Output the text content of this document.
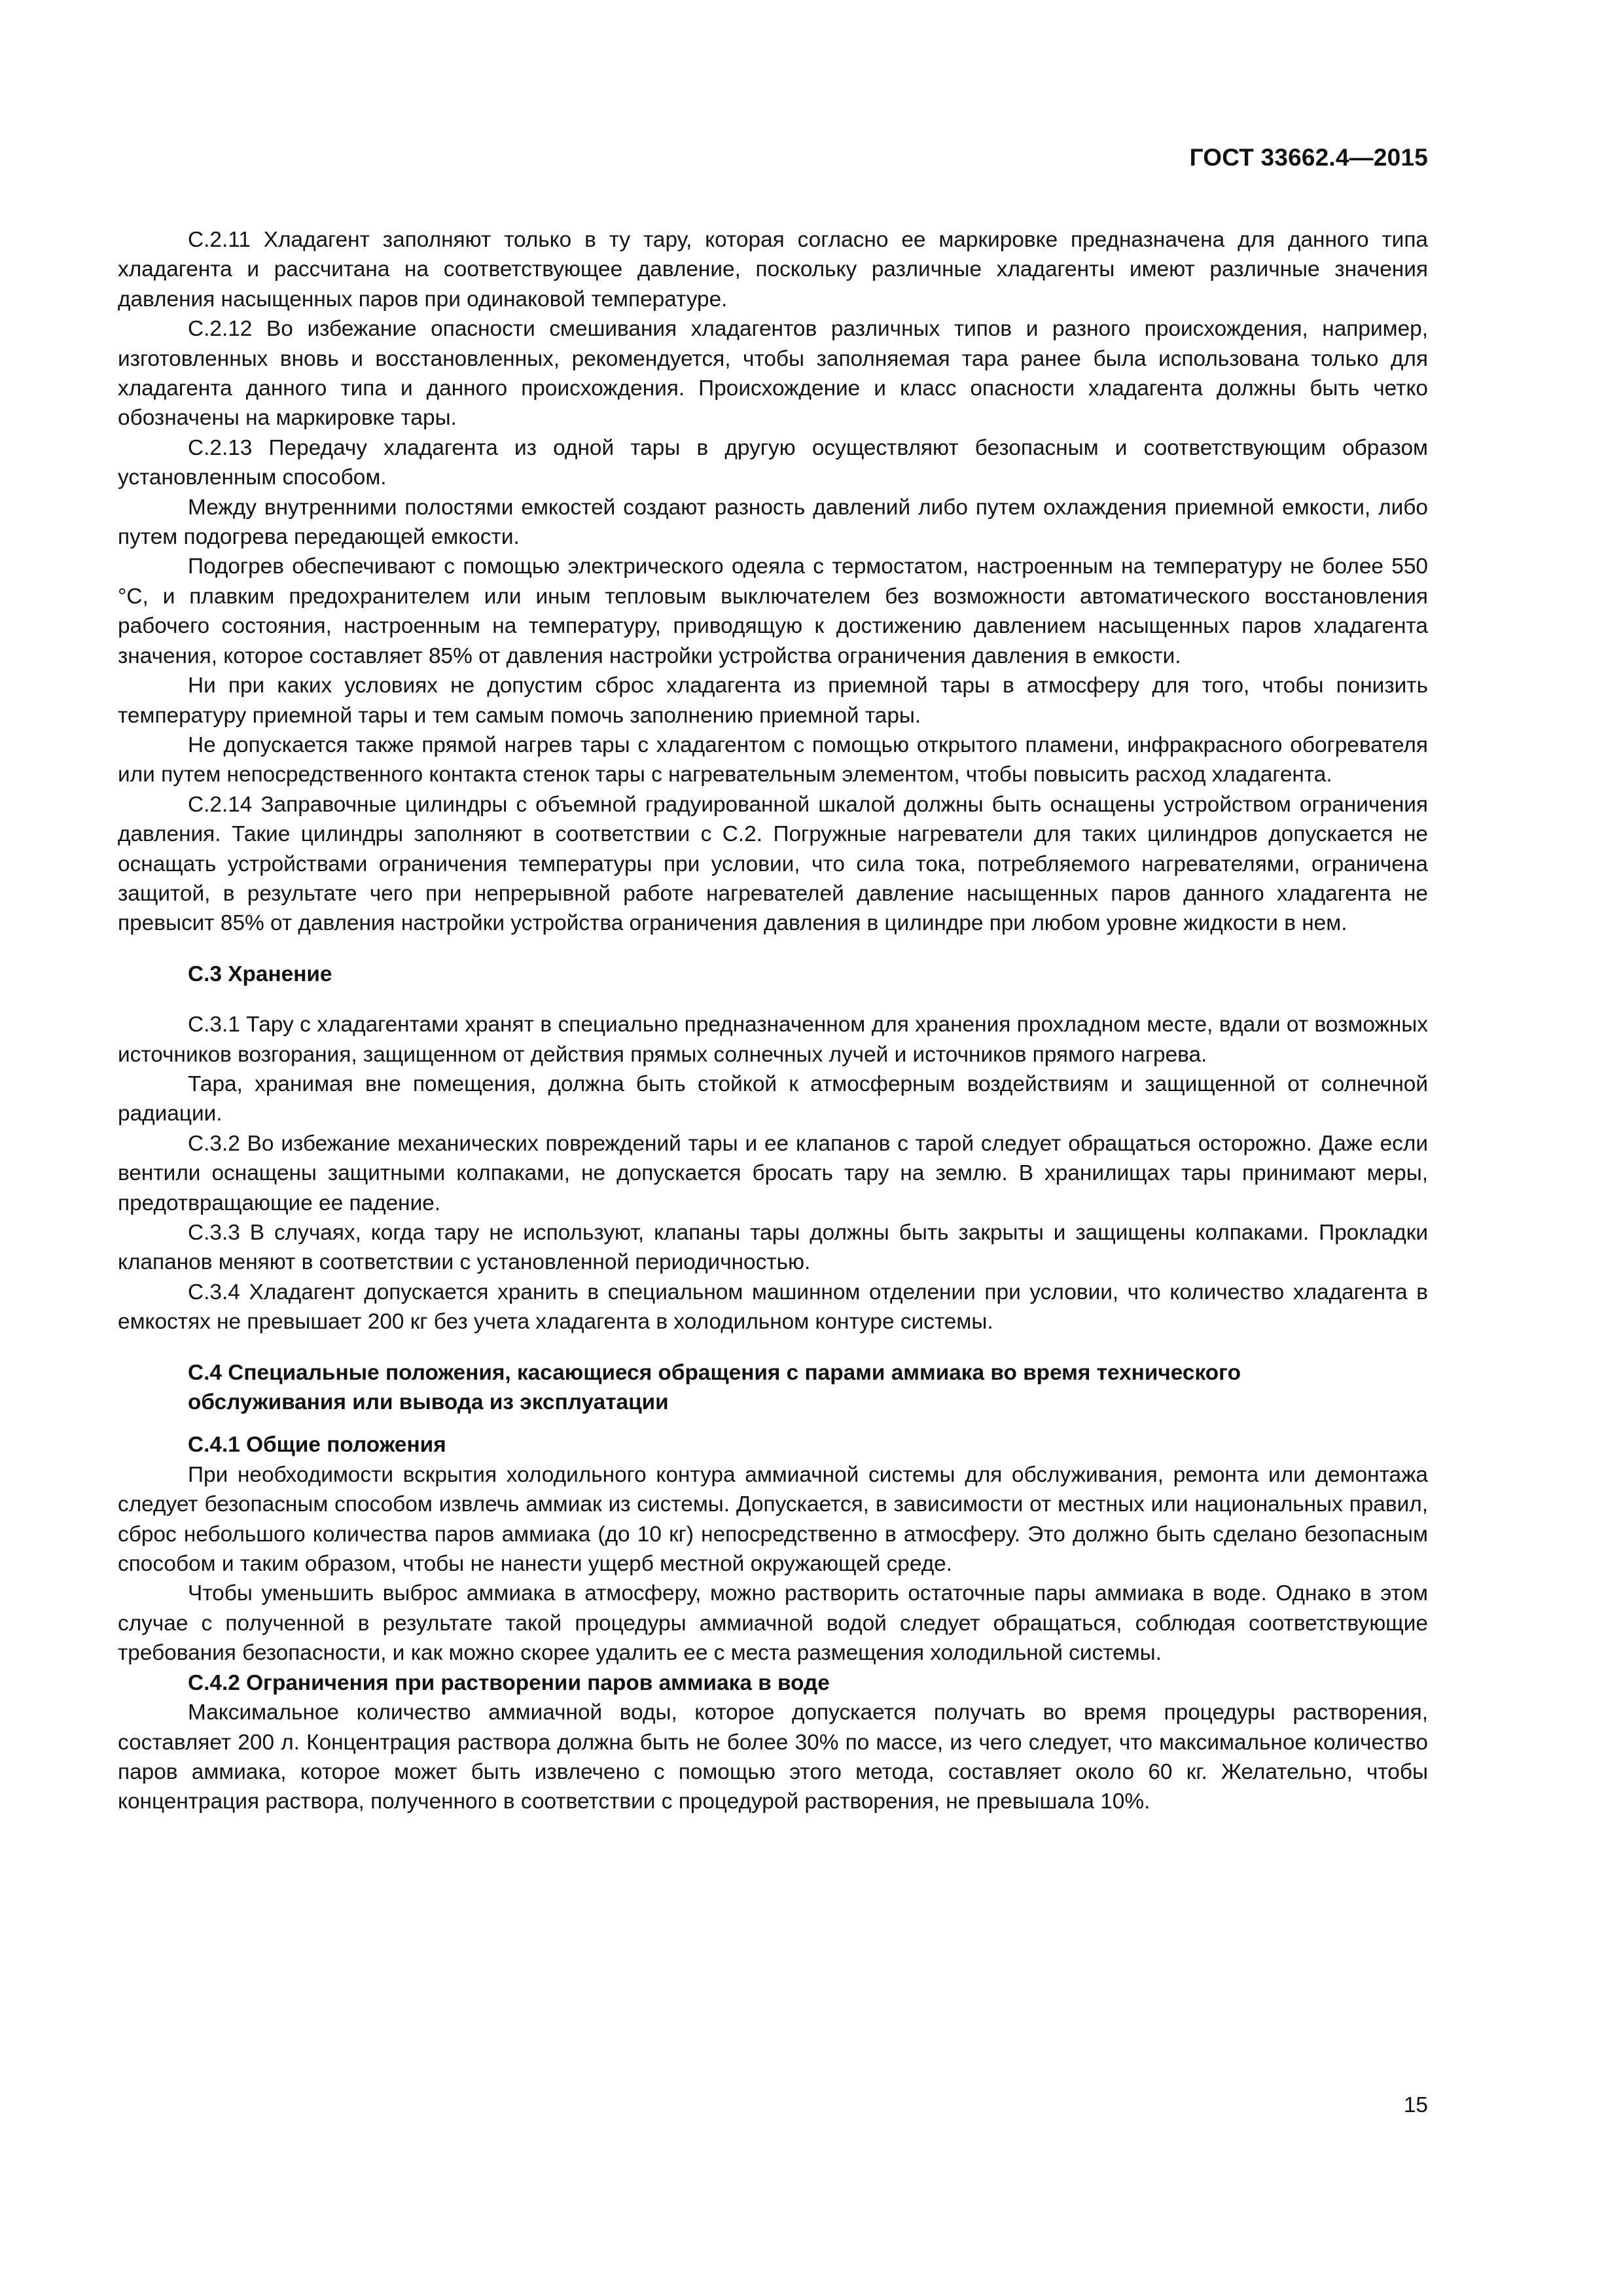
ГОСТ 33662.4—2015

C.2.11 Хладагент заполняют только в ту тару, которая согласно ее маркировке предназначена для данного типа хладагента и рассчитана на соответствующее давление, поскольку различные хладагенты имеют различные значения давления насыщенных паров при одинаковой температуре.

С.2.12 Во избежание опасности смешивания хладагентов различных типов и разного происхождения, например, изготовленных вновь и восстановленных, рекомендуется, чтобы заполняемая тара ранее была использована только для хладагента данного типа и данного происхождения. Происхождение и класс опасности хладагента должны быть четко обозначены на маркировке тары.

С.2.13 Передачу хладагента из одной тары в другую осуществляют безопасным и соответствующим образом установленным способом.

Между внутренними полостями емкостей создают разность давлений либо путем охлаждения приемной емкости, либо путем подогрева передающей емкости.

Подогрев обеспечивают с помощью электрического одеяла с термостатом, настроенным на температуру не более 550 °С, и плавким предохранителем или иным тепловым выключателем без возможности автоматического восстановления рабочего состояния, настроенным на температуру, приводящую к достижению давлением насыщенных паров хладагента значения, которое составляет 85% от давления настройки устройства ограничения давления в емкости.

Ни при каких условиях не допустим сброс хладагента из приемной тары в атмосферу для того, чтобы понизить температуру приемной тары и тем самым помочь заполнению приемной тары.

Не допускается также прямой нагрев тары с хладагентом с помощью открытого пламени, инфракрасного обогревателя или путем непосредственного контакта стенок тары с нагревательным элементом, чтобы повысить расход хладагента.

С.2.14 Заправочные цилиндры с объемной градуированной шкалой должны быть оснащены устройством ограничения давления. Такие цилиндры заполняют в соответствии с С.2. Погружные нагреватели для таких цилиндров допускается не оснащать устройствами ограничения температуры при условии, что сила тока, потребляемого нагревателями, ограничена защитой, в результате чего при непрерывной работе нагревателей давление насыщенных паров данного хладагента не превысит 85% от давления настройки устройства ограничения давления в цилиндре при любом уровне жидкости в нем.

С.3 Хранение

С.3.1 Тару с хладагентами хранят в специально предназначенном для хранения прохладном месте, вдали от возможных источников возгорания, защищенном от действия прямых солнечных лучей и источников прямого нагрева.

Тара, хранимая вне помещения, должна быть стойкой к атмосферным воздействиям и защищенной от солнечной радиации.

С.3.2 Во избежание механических повреждений тары и ее клапанов с тарой следует обращаться осторожно. Даже если вентили оснащены защитными колпаками, не допускается бросать тару на землю. В хранилищах тары принимают меры, предотвращающие ее падение.

С.3.3 В случаях, когда тару не используют, клапаны тары должны быть закрыты и защищены колпаками. Прокладки клапанов меняют в соответствии с установленной периодичностью.

С.3.4 Хладагент допускается хранить в специальном машинном отделении при условии, что количество хладагента в емкостях не превышает 200 кг без учета хладагента в холодильном контуре системы.

С.4 Специальные положения, касающиеся обращения с парами аммиака во время технического
обслуживания или вывода из эксплуатации
С.4.1 Общие положения

При необходимости вскрытия холодильного контура аммиачной системы для обслуживания, ремонта или демонтажа следует безопасным способом извлечь аммиак из системы. Допускается, в зависимости от местных или национальных правил, сброс небольшого количества паров аммиака (до 10 кг) непосредственно в атмосферу. Это должно быть сделано безопасным способом и таким образом, чтобы не нанести ущерб местной окружающей среде.

Чтобы уменьшить выброс аммиака в атмосферу, можно растворить остаточные пары аммиака в воде. Однако в этом случае с полученной в результате такой процедуры аммиачной водой следует обращаться, соблюдая соответствующие требования безопасности, и как можно скорее удалить ее с места размещения холодильной системы.

С.4.2 Ограничения при растворении паров аммиака в воде

Максимальное количество аммиачной воды, которое допускается получать во время процедуры растворения, составляет 200 л. Концентрация раствора должна быть не более 30% по массе, из чего следует, что максимальное количество паров аммиака, которое может быть извлечено с помощью этого метода, составляет около 60 кг. Желательно, чтобы концентрация раствора, полученного в соответствии с процедурой растворения, не превышала 10%.

15
